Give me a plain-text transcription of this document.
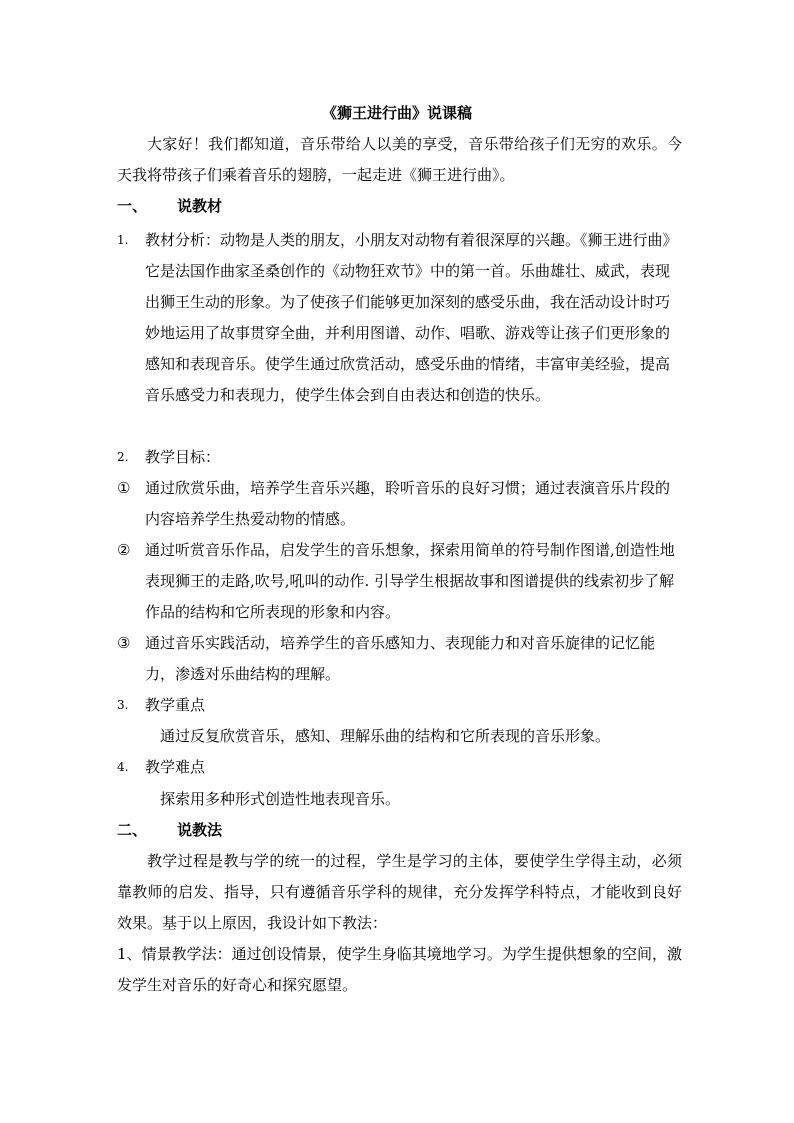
《狮王进行曲》说课稿

大家好！我们都知道，音乐带给人以美的享受，音乐带给孩子们无穷的欢乐。今天我将带孩子们乘着音乐的翅膀，一起走进《狮王进行曲》。

一、 说教材
1.	教材分析：动物是人类的朋友，小朋友对动物有着很深厚的兴趣。《狮王进行曲》它是法国作曲家圣桑创作的《动物狂欢节》中的第一首。乐曲雄壮、威武，表现出狮王生动的形象。为了使孩子们能够更加深刻的感受乐曲，我在活动设计时巧妙地运用了故事贯穿全曲，并利用图谱、动作、唱歌、游戏等让孩子们更形象的感知和表现音乐。使学生通过欣赏活动，感受乐曲的情绪，丰富审美经验，提高音乐感受力和表现力，使学生体会到自由表达和创造的快乐。
2.	教学目标：
① 通过欣赏乐曲，培养学生音乐兴趣，聆听音乐的良好习惯；通过表演音乐片段的内容培养学生热爱动物的情感。
② 通过听赏音乐作品，启发学生的音乐想象，探索用简单的符号制作图谱,创造性地表现狮王的走路,吹号,吼叫的动作. 引导学生根据故事和图谱提供的线索初步了解作品的结构和它所表现的形象和内容。
③ 通过音乐实践活动，培养学生的音乐感知力、表现能力和对音乐旋律的记忆能力，渗透对乐曲结构的理解。
3.	教学重点
通过反复欣赏音乐，感知、理解乐曲的结构和它所表现的音乐形象。
4.	教学难点
探索用多种形式创造性地表现音乐。
二、 说教法

教学过程是教与学的统一的过程，学生是学习的主体，要使学生学得主动，必须靠教师的启发、指导，只有遵循音乐学科的规律，充分发挥学科特点，才能收到良好效果。基于以上原因，我设计如下教法：

1、情景教学法：通过创设情景，使学生身临其境地学习。为学生提供想象的空间，激发学生对音乐的好奇心和探究愿望。
